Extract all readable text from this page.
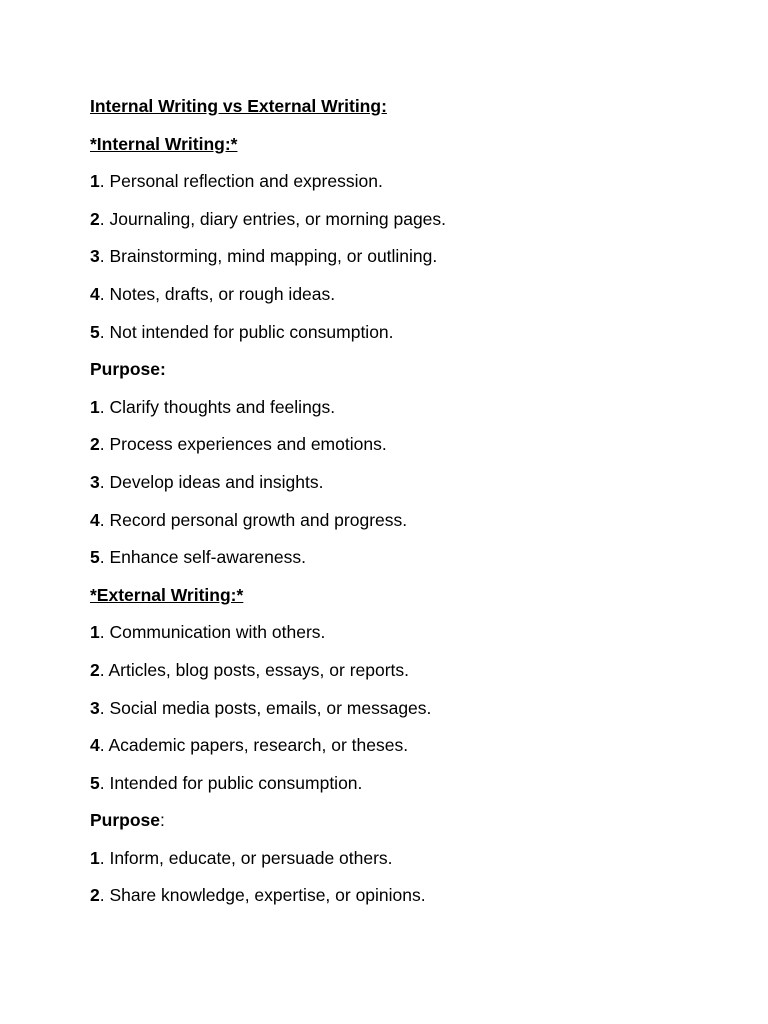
Internal Writing vs External Writing:
*Internal Writing:*
1. Personal reflection and expression.
2. Journaling, diary entries, or morning pages.
3. Brainstorming, mind mapping, or outlining.
4. Notes, drafts, or rough ideas.
5. Not intended for public consumption.
Purpose:
1. Clarify thoughts and feelings.
2. Process experiences and emotions.
3. Develop ideas and insights.
4. Record personal growth and progress.
5. Enhance self-awareness.
*External Writing:*
1. Communication with others.
2. Articles, blog posts, essays, or reports.
3. Social media posts, emails, or messages.
4. Academic papers, research, or theses.
5. Intended for public consumption.
Purpose:
1. Inform, educate, or persuade others.
2. Share knowledge, expertise, or opinions.
